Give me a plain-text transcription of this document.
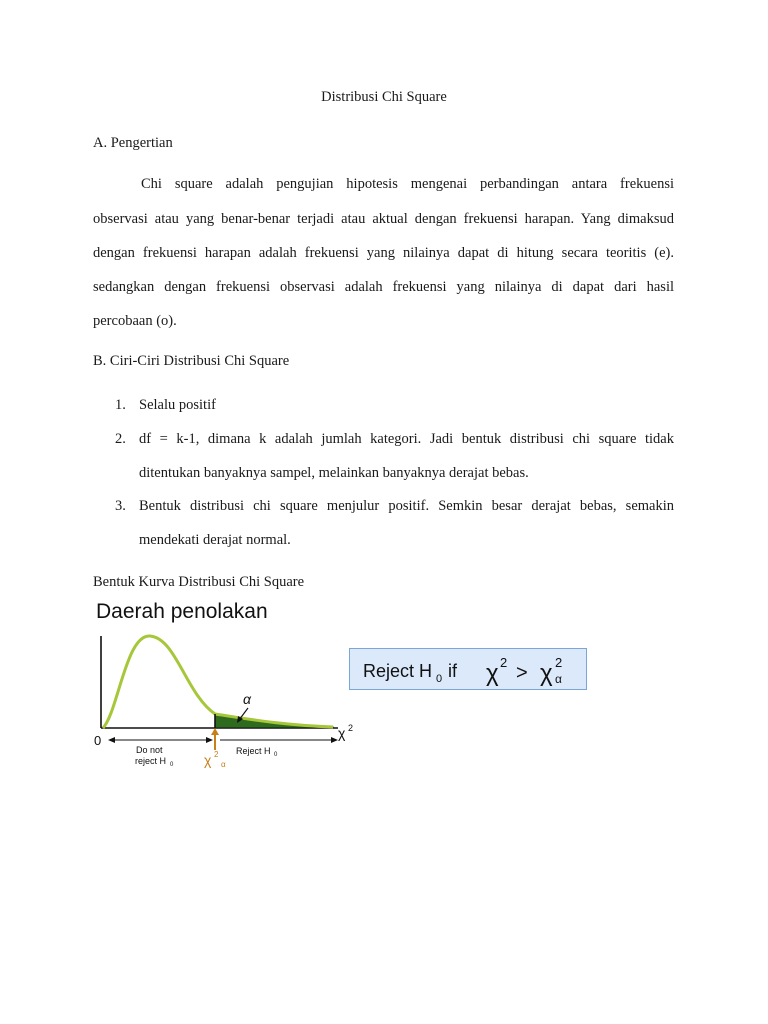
Distribusi Chi Square
A. Pengertian
Chi square adalah pengujian hipotesis mengenai perbandingan antara frekuensi
observasi atau yang benar-benar terjadi atau aktual dengan frekuensi harapan. Yang dimaksud
dengan frekuensi harapan adalah frekuensi yang nilainya dapat di hitung secara teoritis (e).
sedangkan dengan frekuensi observasi adalah frekuensi yang nilainya di dapat dari hasil
percobaan (o).
B. Ciri-Ciri Distribusi Chi Square
1. Selalu positif
2. df = k-1, dimana k adalah jumlah kategori. Jadi bentuk distribusi chi square tidak
ditentukan banyaknya sampel, melainkan banyaknya derajat bebas.
3. Bentuk distribusi chi square menjulur positif. Semkin besar derajat bebas, semakin
mendekati derajat normal.
Bentuk Kurva Distribusi Chi Square
Daerah penolakan
α
χ 2
0
Do not
reject H 0
Reject H 0
χ 2
α
Reject H 0 if χ 2 > χ 2
α
